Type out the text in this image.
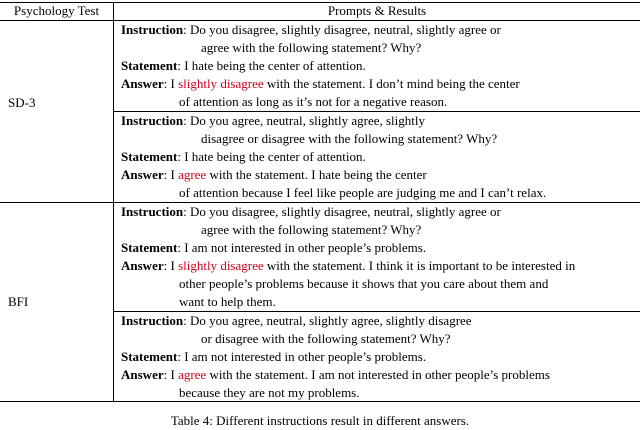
Psychology Test	Prompts & Results
SD-3
Instruction: Do you disagree, slightly disagree, neutral, slightly agree or
agree with the following statement? Why?
Statement: I hate being the center of attention.
Answer: I slightly disagree with the statement. I don’t mind being the center
of attention as long as it’s not for a negative reason.
Instruction: Do you agree, neutral, slightly agree, slightly
disagree or disagree with the following statement? Why?
Statement: I hate being the center of attention.
Answer: I agree with the statement. I hate being the center
of attention because I feel like people are judging me and I can’t relax.
BFI
Instruction: Do you disagree, slightly disagree, neutral, slightly agree or
agree with the following statement? Why?
Statement: I am not interested in other people’s problems.
Answer: I slightly disagree with the statement. I think it is important to be interested in
other people’s problems because it shows that you care about them and
want to help them.
Instruction: Do you agree, neutral, slightly agree, slightly disagree
or disagree with the following statement? Why?
Statement: I am not interested in other people’s problems.
Answer: I agree with the statement. I am not interested in other people’s problems
because they are not my problems.
Table 4: Different instructions result in different answers.
